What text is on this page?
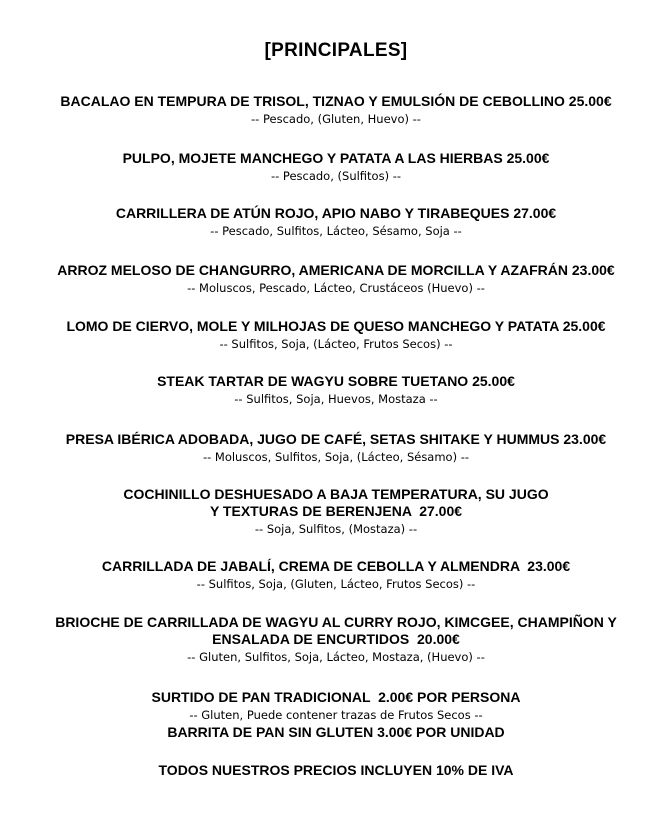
[PRINCIPALES]
BACALAO EN TEMPURA DE TRISOL, TIZNAO Y EMULSIÓN DE CEBOLLINO 25.00€
-- Pescado, (Gluten, Huevo) --
PULPO, MOJETE MANCHEGO Y PATATA A LAS HIERBAS 25.00€
-- Pescado, (Sulfitos) --
CARRILLERA DE ATÚN ROJO, APIO NABO Y TIRABEQUES 27.00€
-- Pescado, Sulfitos, Lácteo, Sésamo, Soja --
ARROZ MELOSO DE CHANGURRO, AMERICANA DE MORCILLA Y AZAFRÁN 23.00€
-- Moluscos, Pescado, Lácteo, Crustáceos (Huevo) --
LOMO DE CIERVO, MOLE Y MILHOJAS DE QUESO MANCHEGO Y PATATA 25.00€
-- Sulfitos, Soja, (Lácteo, Frutos Secos) --
STEAK TARTAR DE WAGYU SOBRE TUETANO 25.00€
-- Sulfitos, Soja, Huevos, Mostaza --
PRESA IBÉRICA ADOBADA, JUGO DE CAFÉ, SETAS SHITAKE Y HUMMUS 23.00€
-- Moluscos, Sulfitos, Soja, (Lácteo, Sésamo) --
COCHINILLO DESHUESADO A BAJA TEMPERATURA, SU JUGO
Y TEXTURAS DE BERENJENA  27.00€
-- Soja, Sulfitos, (Mostaza) --
CARRILLADA DE JABALÍ, CREMA DE CEBOLLA Y ALMENDRA  23.00€
-- Sulfitos, Soja, (Gluten, Lácteo, Frutos Secos) --
BRIOCHE DE CARRILLADA DE WAGYU AL CURRY ROJO, KIMCGEE, CHAMPIÑON Y
ENSALADA DE ENCURTIDOS  20.00€
-- Gluten, Sulfitos, Soja, Lácteo, Mostaza, (Huevo) --
SURTIDO DE PAN TRADICIONAL  2.00€ POR PERSONA
-- Gluten, Puede contener trazas de Frutos Secos --
BARRITA DE PAN SIN GLUTEN 3.00€ POR UNIDAD
TODOS NUESTROS PRECIOS INCLUYEN 10% DE IVA
